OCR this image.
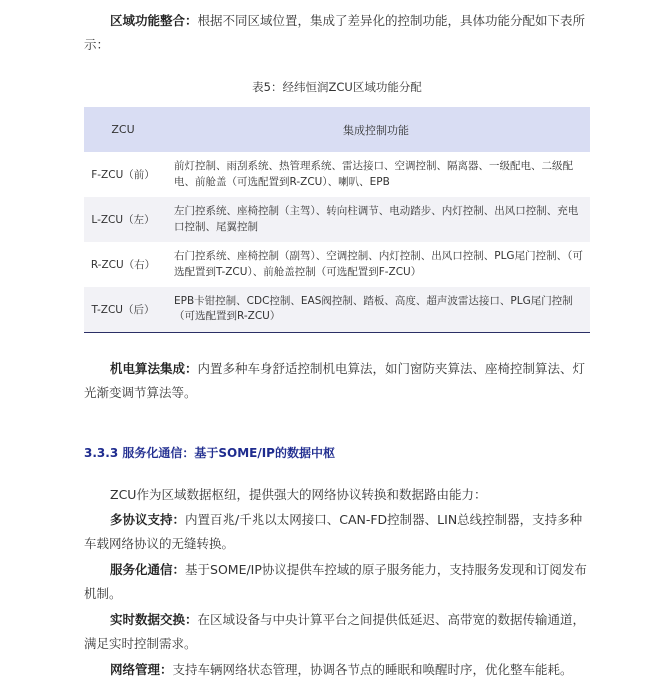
区域功能整合：根据不同区域位置，集成了差异化的控制功能，具体功能分配如下表所示：

表5：经纬恒润ZCU区域功能分配
ZCU	集成控制功能
F-ZCU（前）	前灯控制、雨刮系统、热管理系统、雷达接口、空调控制、隔离器、一级配电、二级配电、前舱盖（可选配置到R-ZCU）、喇叭、EPB
L-ZCU（左）	左门控系统、座椅控制（主驾）、转向柱调节、电动踏步、内灯控制、出风口控制、充电口控制、尾翼控制
R-ZCU（右）	右门控系统、座椅控制（副驾）、空调控制、内灯控制、出风口控制、PLG尾门控制、（可选配置到T-ZCU）、前舱盖控制（可选配置到F-ZCU）
T-ZCU（后）	EPB卡钳控制、CDC控制、EAS阀控制、踏板、高度、超声波雷达接口、PLG尾门控制（可选配置到R-ZCU）

机电算法集成：内置多种车身舒适控制机电算法，如门窗防夹算法、座椅控制算法、灯光渐变调节算法等。

3.3.3 服务化通信：基于SOME/IP的数据中枢

ZCU作为区域数据枢纽，提供强大的网络协议转换和数据路由能力：

多协议支持：内置百兆/千兆以太网接口、CAN-FD控制器、LIN总线控制器，支持多种车载网络协议的无缝转换。

服务化通信：基于SOME/IP协议提供车控域的原子服务能力，支持服务发现和订阅发布机制。

实时数据交换：在区域设备与中央计算平台之间提供低延迟、高带宽的数据传输通道，满足实时控制需求。

网络管理：支持车辆网络状态管理，协调各节点的睡眠和唤醒时序，优化整车能耗。
